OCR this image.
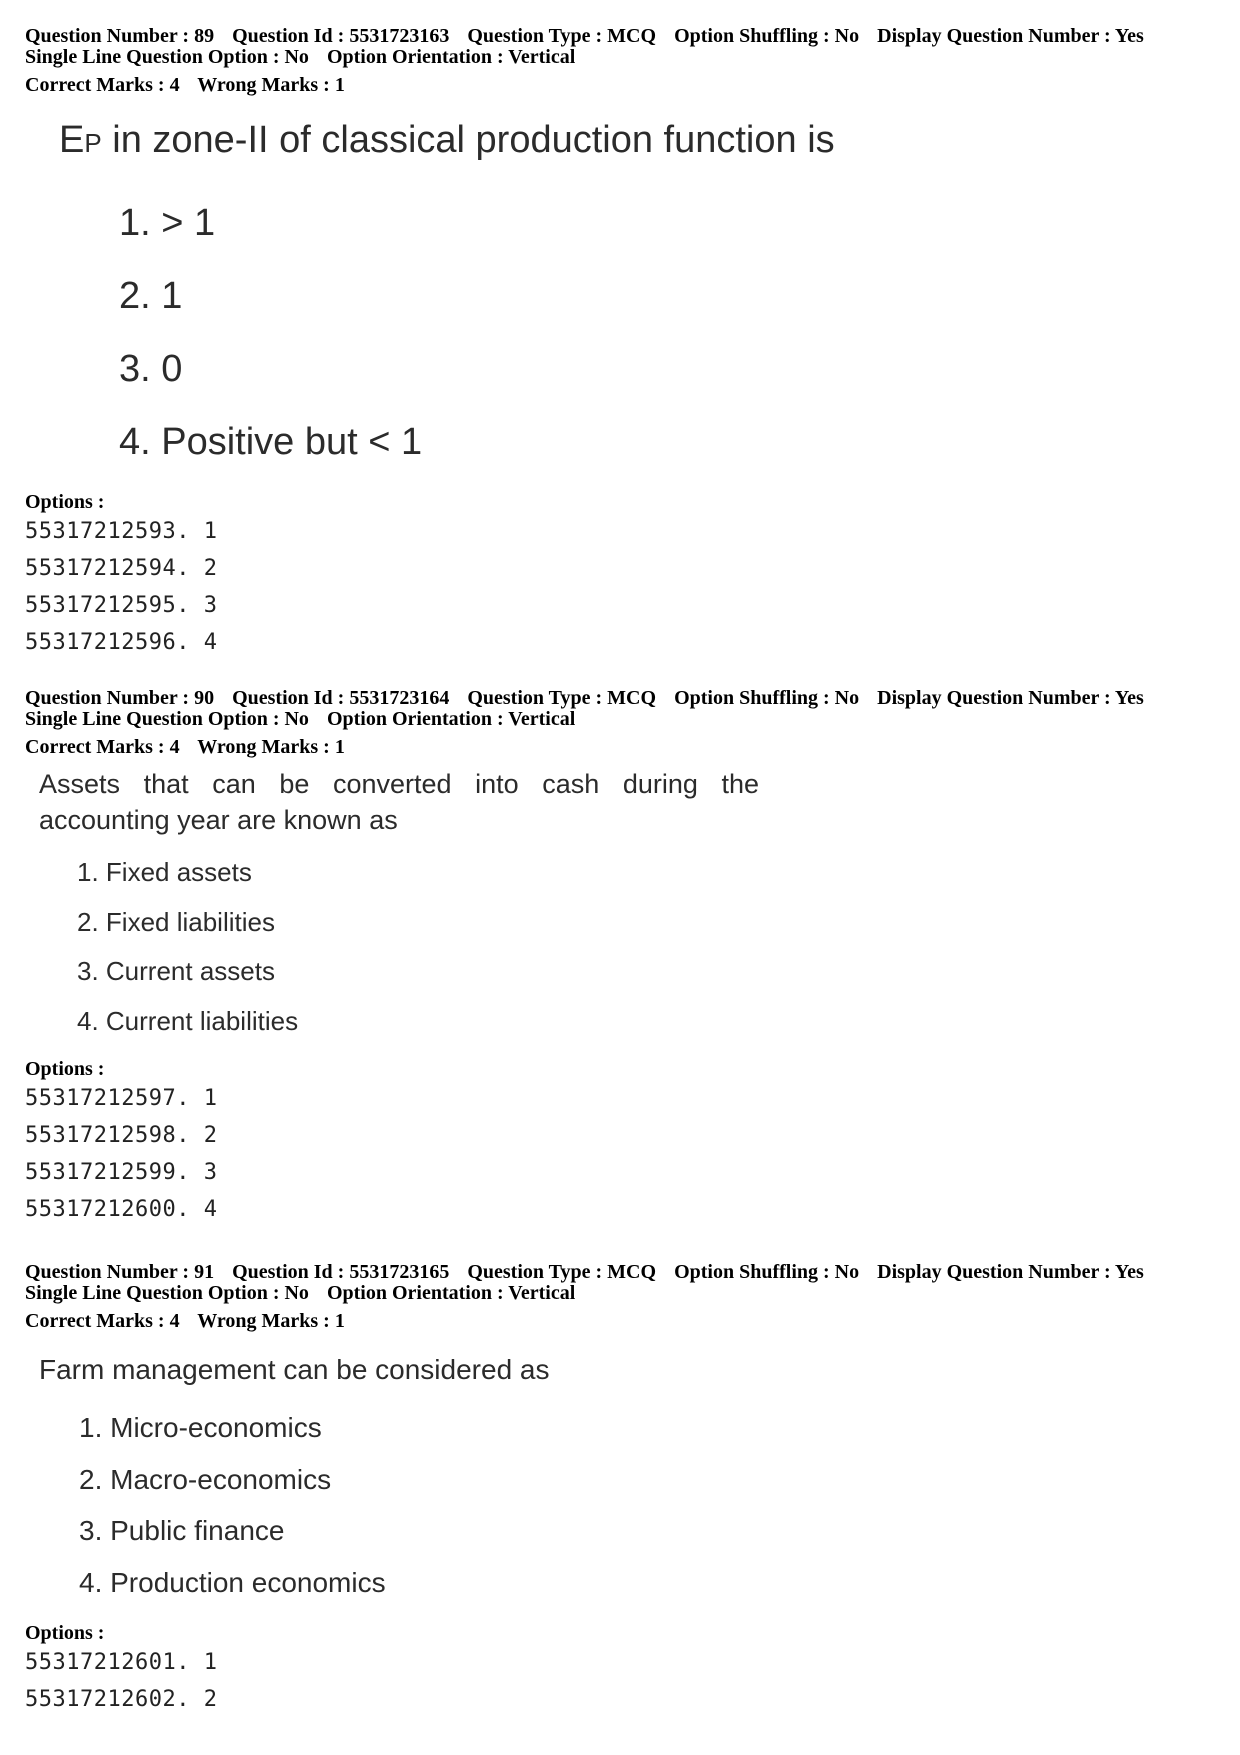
Question Number : 89 Question Id : 5531723163 Question Type : MCQ Option Shuffling : No Display Question Number : Yes
Single Line Question Option : No Option Orientation : Vertical
Correct Marks : 4 Wrong Marks : 1
EP in zone-II of classical production function is
1. > 1
2. 1
3. 0
4. Positive but < 1
Options :
55317212593. 1
55317212594. 2
55317212595. 3
55317212596. 4
Question Number : 90 Question Id : 5531723164 Question Type : MCQ Option Shuffling : No Display Question Number : Yes
Single Line Question Option : No Option Orientation : Vertical
Correct Marks : 4 Wrong Marks : 1
Assets that can be converted into cash during the
accounting year are known as
1. Fixed assets
2. Fixed liabilities
3. Current assets
4. Current liabilities
Options :
55317212597. 1
55317212598. 2
55317212599. 3
55317212600. 4
Question Number : 91 Question Id : 5531723165 Question Type : MCQ Option Shuffling : No Display Question Number : Yes
Single Line Question Option : No Option Orientation : Vertical
Correct Marks : 4 Wrong Marks : 1
Farm management can be considered as
1. Micro-economics
2. Macro-economics
3. Public finance
4. Production economics
Options :
55317212601. 1
55317212602. 2
